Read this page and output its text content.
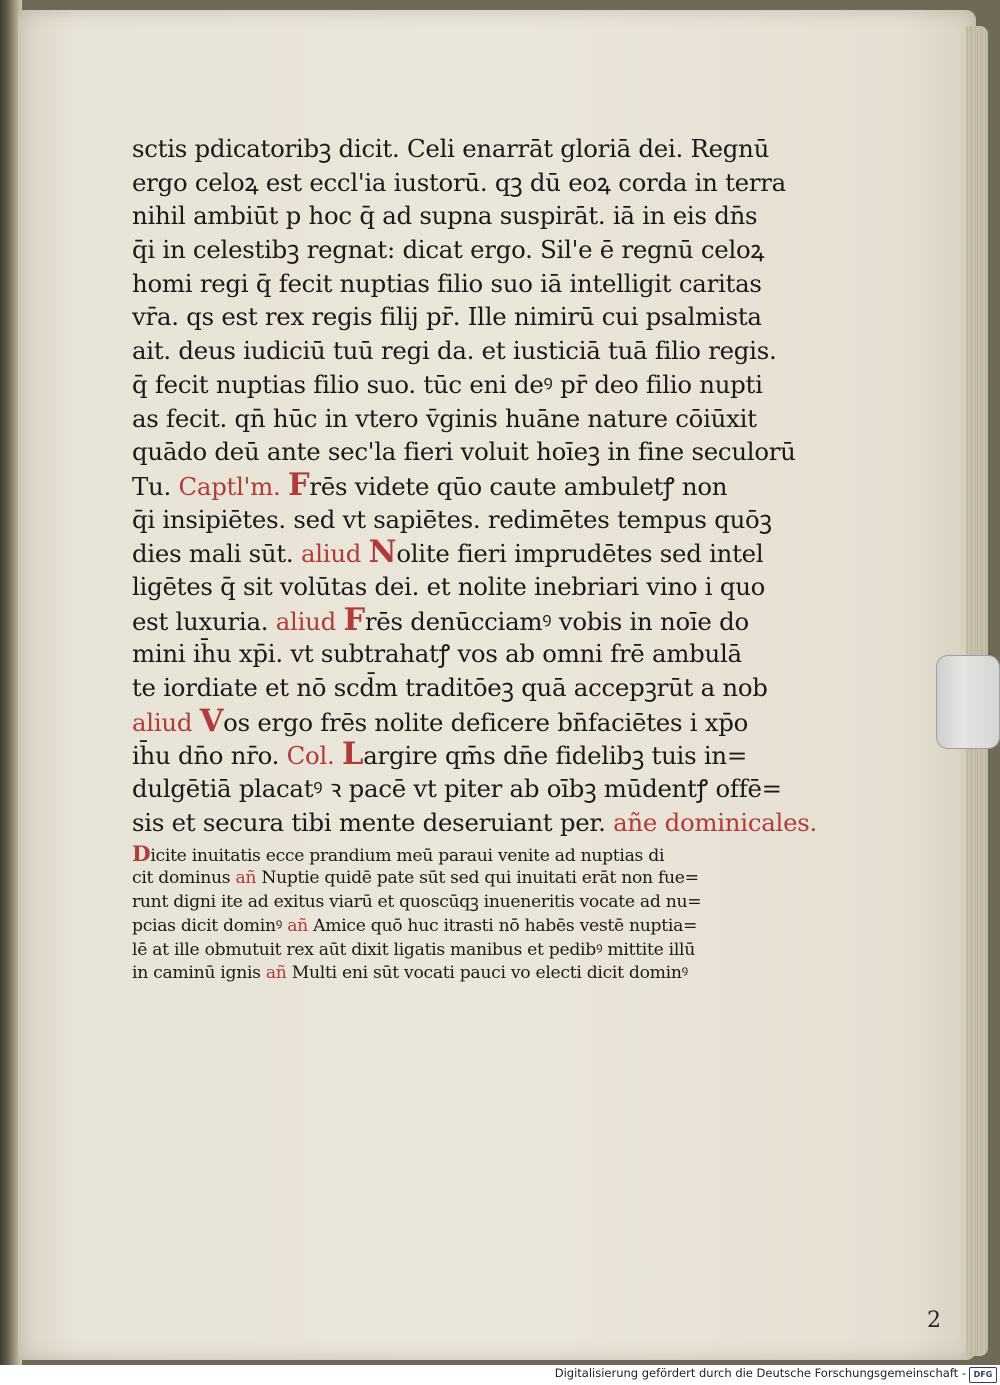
sctis pdicatoribꝫ dicit. Celi enarrāt gloriā dei. Regnū
ergo celoꝝ est eccl'ia iustorū. qꝫ dū eoꝝ corda in terra
nihil ambiūt p hoc q̄ ad supna suspirāt. iā in eis dn̄s
q̄i in celestibꝫ regnat: dicat ergo. Sil'e ē regnū celoꝝ
homi regi q̄ fecit nuptias filio suo iā intelligit caritas
vr̄a. qs est rex regis filij pr̄. Ille nimirū cui psalmista
ait. deus iudiciū tuū regi da. et iusticiā tuā filio regis.
q̄ fecit nuptias filio suo. tūc eni deꝰ pr̄ deo filio nupti
as fecit. qn̄ hūc in vtero v̄ginis huāne nature cōiūxit
quādo deū ante sec'la fieri voluit hoīeꝫ in fine seculorū
Tu. Captl'm. Frēs videte qūo caute ambuletꝭ non
q̄i insipiētes. sed vt sapiētes. redimētes tempus quōꝫ
dies mali sūt. aliud Nolite fieri imprudētes sed intel
ligētes q̄ sit volūtas dei. et nolite inebriari vino i quo
est luxuria. aliud Frēs denūcciamꝰ vobis in noīe do
mini ih̄u xp̄i. vt subtrahatꝭ vos ab omni frē ambulā
te iordiate et nō scd̄m traditōeꝫ quā accepꝫrūt a nob
aliud Vos ergo frēs nolite deficere bn̄faciētes i xp̄o
ih̄u dn̄o nr̄o. Col. Largire qm̄s dn̄e fidelibꝫ tuis in=
dulgētiā placatꝰ ꝛ pacē vt piter ab oībꝫ mūdentꝭ offē=
sis et secura tibi mente deseruiant per. añe dominicales.
Dicite inuitatis ecce prandium meū paraui venite ad nuptias di
cit dominus añ Nuptie quidē pate sūt sed qui inuitati erāt non fue=
runt digni ite ad exitus viarū et quoscūqꝫ inueneritis vocate ad nu=
pcias dicit dominꝰ añ Amice quō huc itrasti nō habēs vestē nuptia=
lē at ille obmutuit rex aūt dixit ligatis manibus et pedibꝰ mittite illū
in caminū ignis añ Multi eni sūt vocati pauci vo electi dicit dominꝰ
2
Digitalisierung gefördert durch die Deutsche Forschungsgemeinschaft - DFG
